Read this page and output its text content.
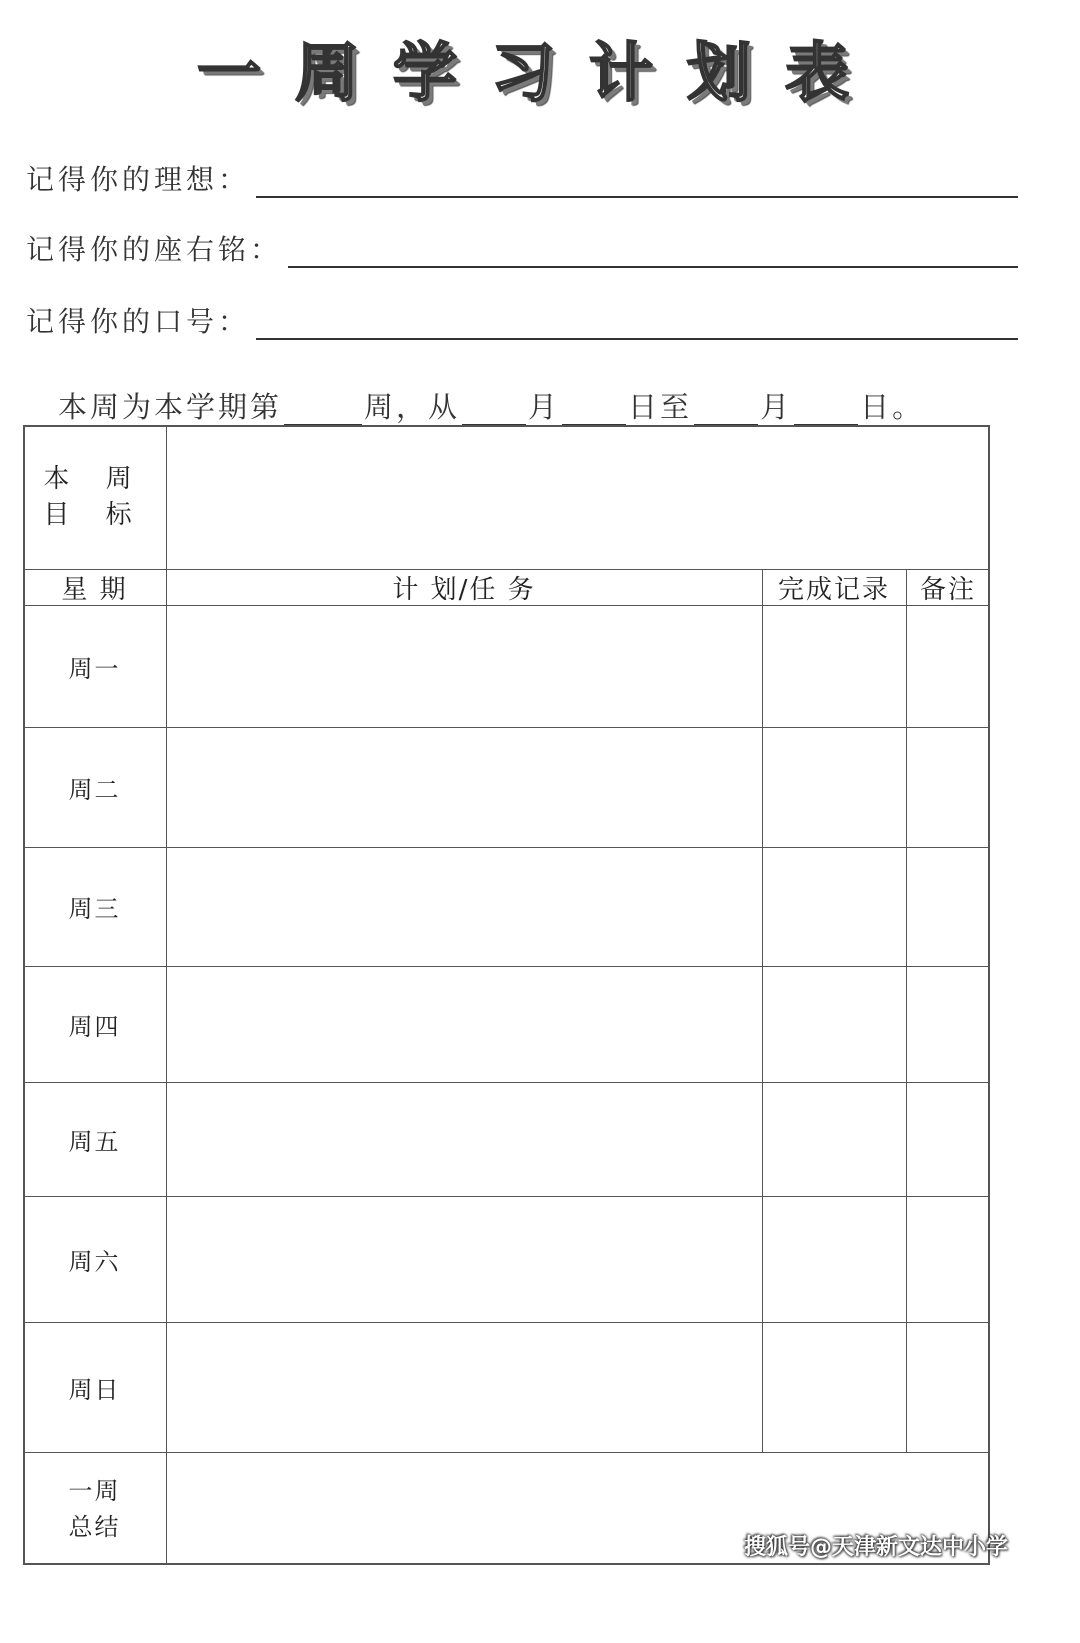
一周学习计划表
记得你的理想：
记得你的座右铭：
记得你的口号：
本周为本学期第	周，从 月 日至 月 日。
本 周
目 标
星 期	计 划/任 务	完成记录	备注
周一
周二
周三
周四
周五
周六
周日
一周
总结
搜狐号@天津新文达中小学
